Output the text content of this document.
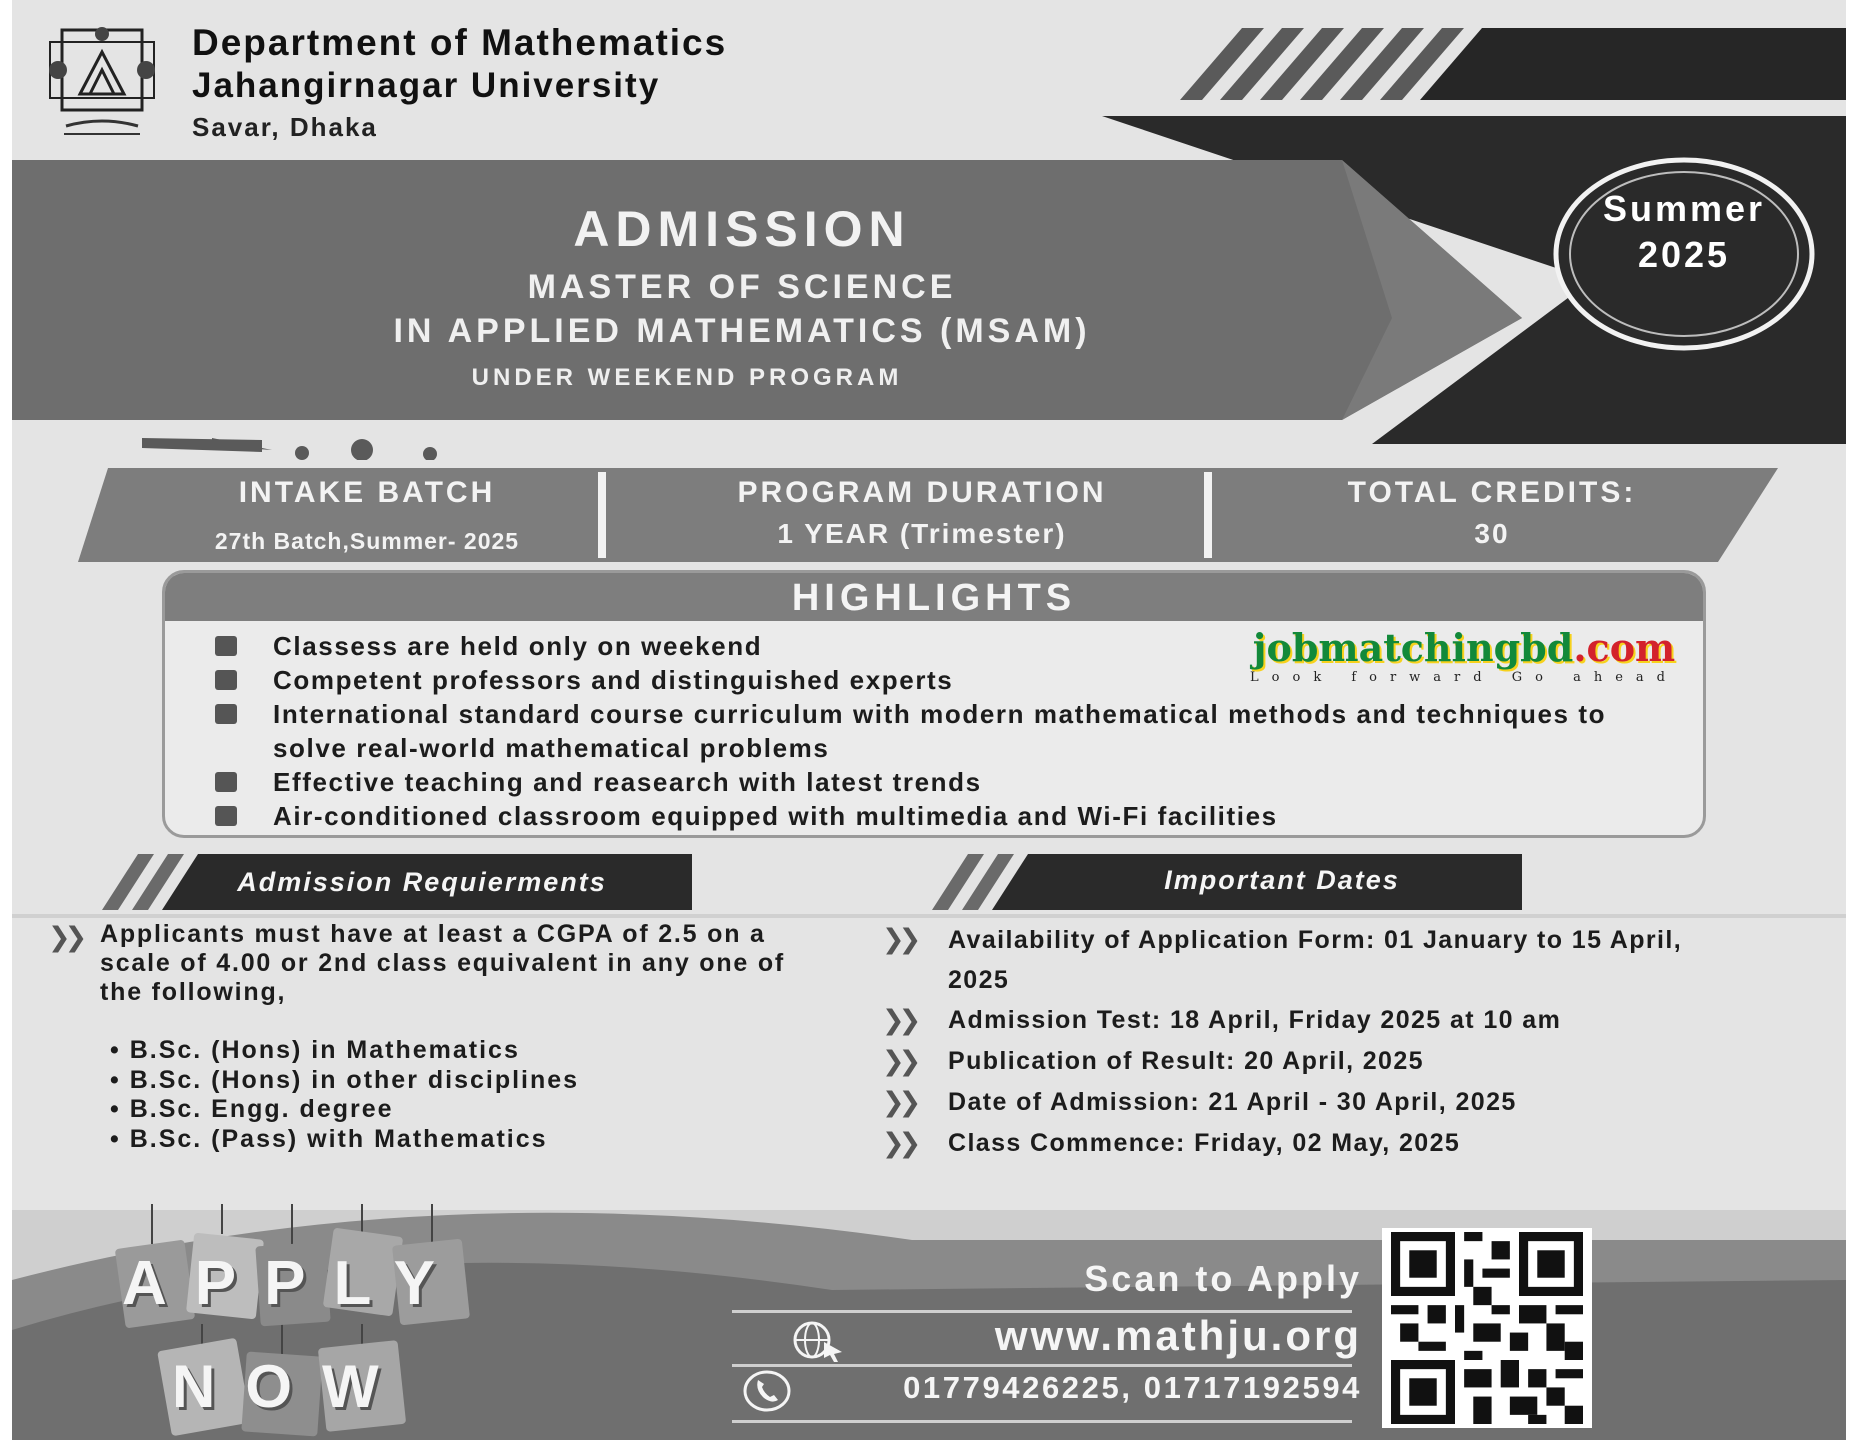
Department of Mathematics
Jahangirnagar University
Savar, Dhaka
ADMISSION
MASTER OF SCIENCE
IN APPLIED MATHEMATICS (MSAM)
UNDER WEEKEND PROGRAM
Summer
2025
INTAKE BATCH
27th Batch,Summer- 2025
PROGRAM DURATION
1 YEAR (Trimester)
TOTAL CREDITS:
30
HIGHLIGHTS
Classess are held only on weekend
Competent professors and distinguished experts
International standard course curriculum with modern mathematical methods and techniques to solve real-world mathematical problems
Effective teaching and reasearch with latest trends
Air-conditioned classroom equipped with multimedia and Wi-Fi facilities
jobmatchingbd.com
Look forward Go ahead
Admission Requierments	Important Dates
❯❯ Applicants must have at least a CGPA of 2.5 on a scale of 4.00 or 2nd class equivalent in any one of the following,
• B.Sc. (Hons) in Mathematics
• B.Sc. (Hons) in other disciplines
• B.Sc. Engg. degree
• B.Sc. (Pass) with Mathematics
❯❯ Availability of Application Form: 01 January to 15 April, 2025
❯❯ Admission Test: 18 April, Friday 2025 at 10 am
❯❯ Publication of Result: 20 April, 2025
❯❯ Date of Admission: 21 April - 30 April, 2025
❯❯ Class Commence: Friday, 02 May, 2025
APPLY
NOW
Scan to Apply
www.mathju.org
01779426225, 01717192594
